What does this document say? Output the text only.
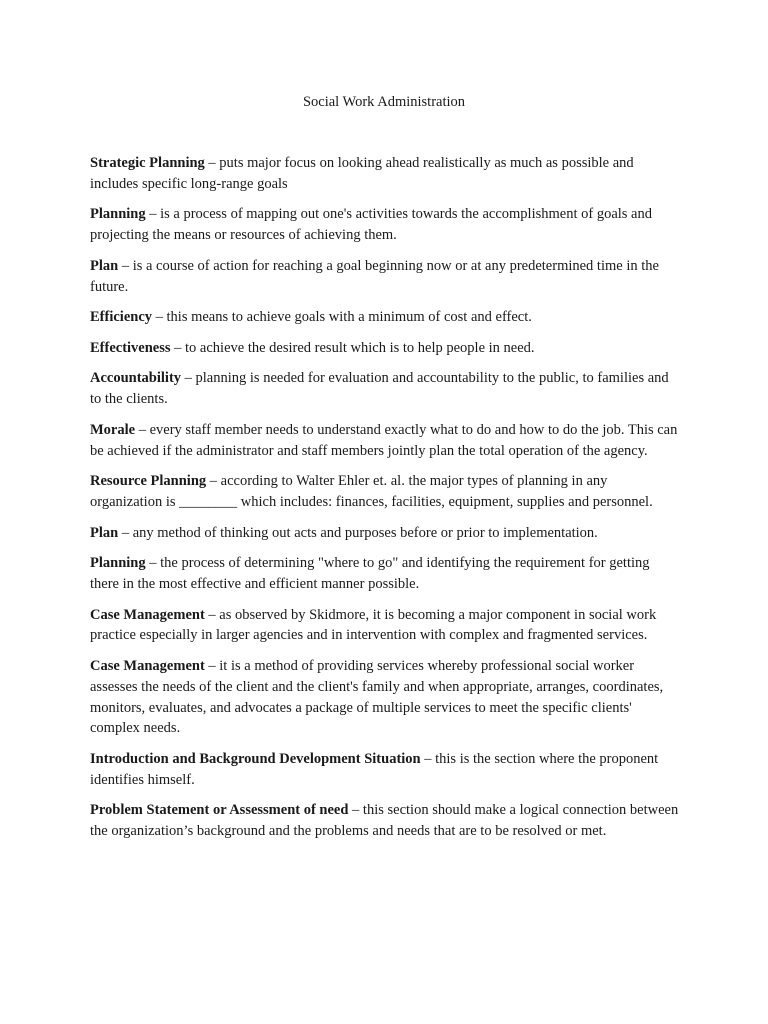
Social Work Administration

Strategic Planning – puts major focus on looking ahead realistically as much as possible and includes specific long-range goals

Planning – is a process of mapping out one's activities towards the accomplishment of goals and projecting the means or resources of achieving them.

Plan – is a course of action for reaching a goal beginning now or at any predetermined time in the future.

Efficiency – this means to achieve goals with a minimum of cost and effect.

Effectiveness – to achieve the desired result which is to help people in need.

Accountability – planning is needed for evaluation and accountability to the public, to families and to the clients.

Morale – every staff member needs to understand exactly what to do and how to do the job. This can be achieved if the administrator and staff members jointly plan the total operation of the agency.

Resource Planning – according to Walter Ehler et. al. the major types of planning in any organization is ________ which includes: finances, facilities, equipment, supplies and personnel.

Plan – any method of thinking out acts and purposes before or prior to implementation.

Planning – the process of determining "where to go" and identifying the requirement for getting there in the most effective and efficient manner possible.

Case Management – as observed by Skidmore, it is becoming a major component in social work practice especially in larger agencies and in intervention with complex and fragmented services.

Case Management – it is a method of providing services whereby professional social worker assesses the needs of the client and the client's family and when appropriate, arranges, coordinates, monitors, evaluates, and advocates a package of multiple services to meet the specific clients' complex needs.

Introduction and Background Development Situation – this is the section where the proponent identifies himself.

Problem Statement or Assessment of need – this section should make a logical connection between the organization’s background and the problems and needs that are to be resolved or met.
